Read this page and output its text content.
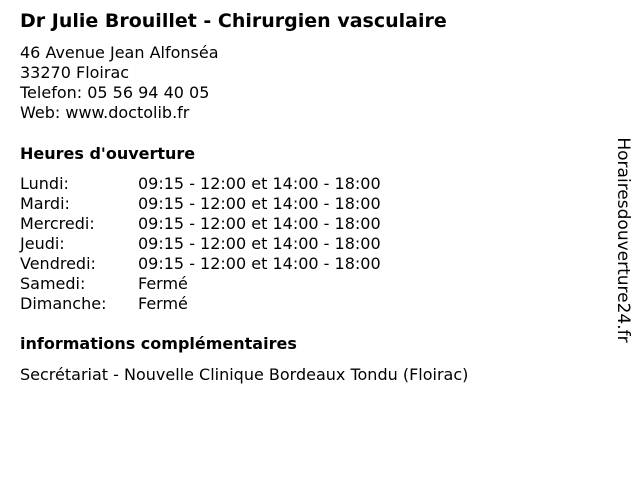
Dr Julie Brouillet - Chirurgien vasculaire
46 Avenue Jean Alfonséa
33270 Floirac
Telefon: 05 56 94 40 05
Web: www.doctolib.fr
Heures d'ouverture
Lundi:	09:15 - 12:00 et 14:00 - 18:00
Mardi:	09:15 - 12:00 et 14:00 - 18:00
Mercredi:	09:15 - 12:00 et 14:00 - 18:00
Jeudi:	09:15 - 12:00 et 14:00 - 18:00
Vendredi:	09:15 - 12:00 et 14:00 - 18:00
Samedi:	Fermé
Dimanche:	Fermé
informations complémentaires
Secrétariat - Nouvelle Clinique Bordeaux Tondu (Floirac)
Horairesdouverture24.fr
